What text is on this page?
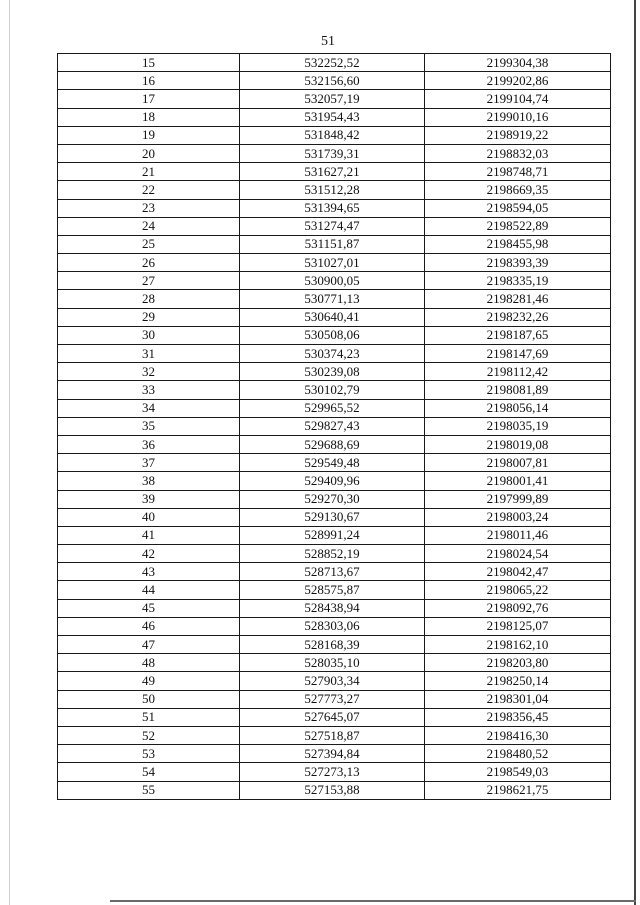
51
15	532252,52	2199304,38
16	532156,60	2199202,86
17	532057,19	2199104,74
18	531954,43	2199010,16
19	531848,42	2198919,22
20	531739,31	2198832,03
21	531627,21	2198748,71
22	531512,28	2198669,35
23	531394,65	2198594,05
24	531274,47	2198522,89
25	531151,87	2198455,98
26	531027,01	2198393,39
27	530900,05	2198335,19
28	530771,13	2198281,46
29	530640,41	2198232,26
30	530508,06	2198187,65
31	530374,23	2198147,69
32	530239,08	2198112,42
33	530102,79	2198081,89
34	529965,52	2198056,14
35	529827,43	2198035,19
36	529688,69	2198019,08
37	529549,48	2198007,81
38	529409,96	2198001,41
39	529270,30	2197999,89
40	529130,67	2198003,24
41	528991,24	2198011,46
42	528852,19	2198024,54
43	528713,67	2198042,47
44	528575,87	2198065,22
45	528438,94	2198092,76
46	528303,06	2198125,07
47	528168,39	2198162,10
48	528035,10	2198203,80
49	527903,34	2198250,14
50	527773,27	2198301,04
51	527645,07	2198356,45
52	527518,87	2198416,30
53	527394,84	2198480,52
54	527273,13	2198549,03
55	527153,88	2198621,75
